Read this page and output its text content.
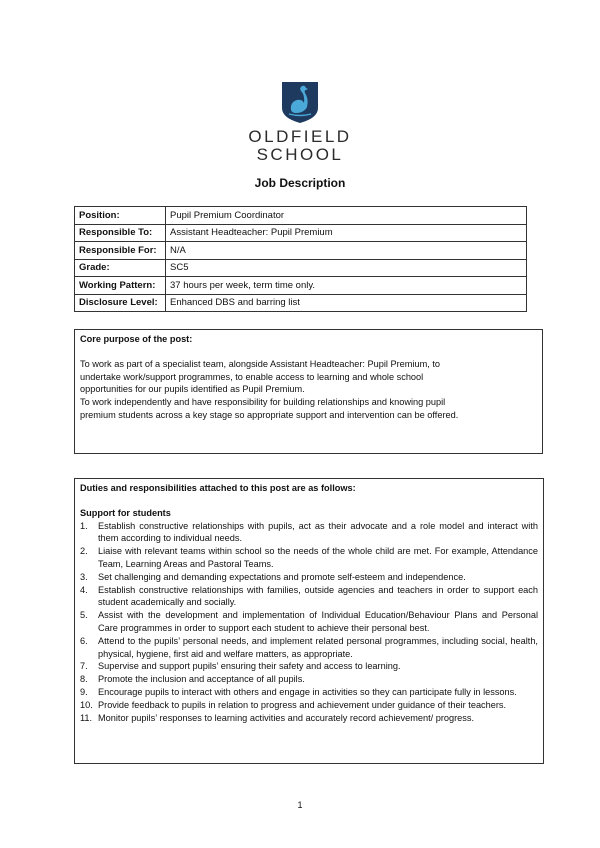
OLDFIELD
SCHOOL
Job Description
Position:	Pupil Premium Coordinator
Responsible To:	Assistant Headteacher: Pupil Premium
Responsible For:	N/A
Grade:	SC5
Working Pattern:	37 hours per week, term time only.
Disclosure Level:	Enhanced DBS and barring list
Core purpose of the post:
To work as part of a specialist team, alongside Assistant Headteacher: Pupil Premium, to
undertake work/support programmes, to enable access to learning and whole school
opportunities for our pupils identified as Pupil Premium.
To work independently and have responsibility for building relationships and knowing pupil
premium students across a key stage so appropriate support and intervention can be offered.
Duties and responsibilities attached to this post are as follows:
Support for students
1.	Establish constructive relationships with pupils, act as their advocate and a role model and interact with them according to individual needs.
2.	Liaise with relevant teams within school so the needs of the whole child are met. For example, Attendance Team, Learning Areas and Pastoral Teams.
3.	Set challenging and demanding expectations and promote self-esteem and independence.
4.	Establish constructive relationships with families, outside agencies and teachers in order to support each student academically and socially.
5.	Assist with the development and implementation of Individual Education/Behaviour Plans and Personal Care programmes in order to support each student to achieve their personal best.
6.	Attend to the pupils’ personal needs, and implement related personal programmes, including social, health, physical, hygiene, first aid and welfare matters, as appropriate.
7.	Supervise and support pupils’ ensuring their safety and access to learning.
8.	Promote the inclusion and acceptance of all pupils.
9.	Encourage pupils to interact with others and engage in activities so they can participate fully in lessons.
10. Provide feedback to pupils in relation to progress and achievement under guidance of their teachers.
11. Monitor pupils’ responses to learning activities and accurately record achievement/ progress.
1
